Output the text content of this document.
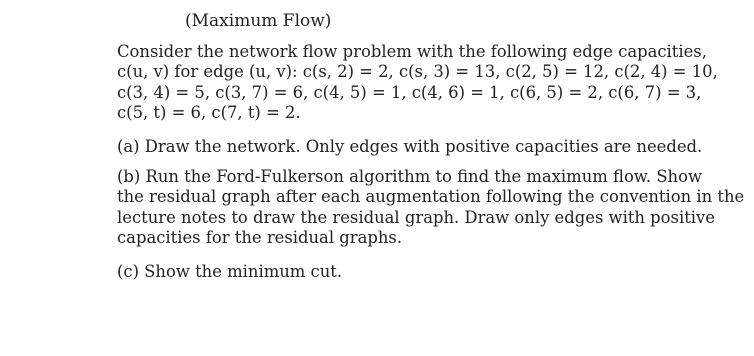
(Maximum Flow)
Consider the network flow problem with the following edge capacities,
c(u, v) for edge (u, v): c(s, 2) = 2, c(s, 3) = 13, c(2, 5) = 12, c(2, 4) = 10,
c(3, 4) = 5, c(3, 7) = 6, c(4, 5) = 1, c(4, 6) = 1, c(6, 5) = 2, c(6, 7) = 3,
c(5, t) = 6, c(7, t) = 2.
(a) Draw the network. Only edges with positive capacities are needed.
(b) Run the Ford-Fulkerson algorithm to find the maximum flow. Show
the residual graph after each augmentation following the convention in the
lecture notes to draw the residual graph. Draw only edges with positive
capacities for the residual graphs.
(c) Show the minimum cut.
